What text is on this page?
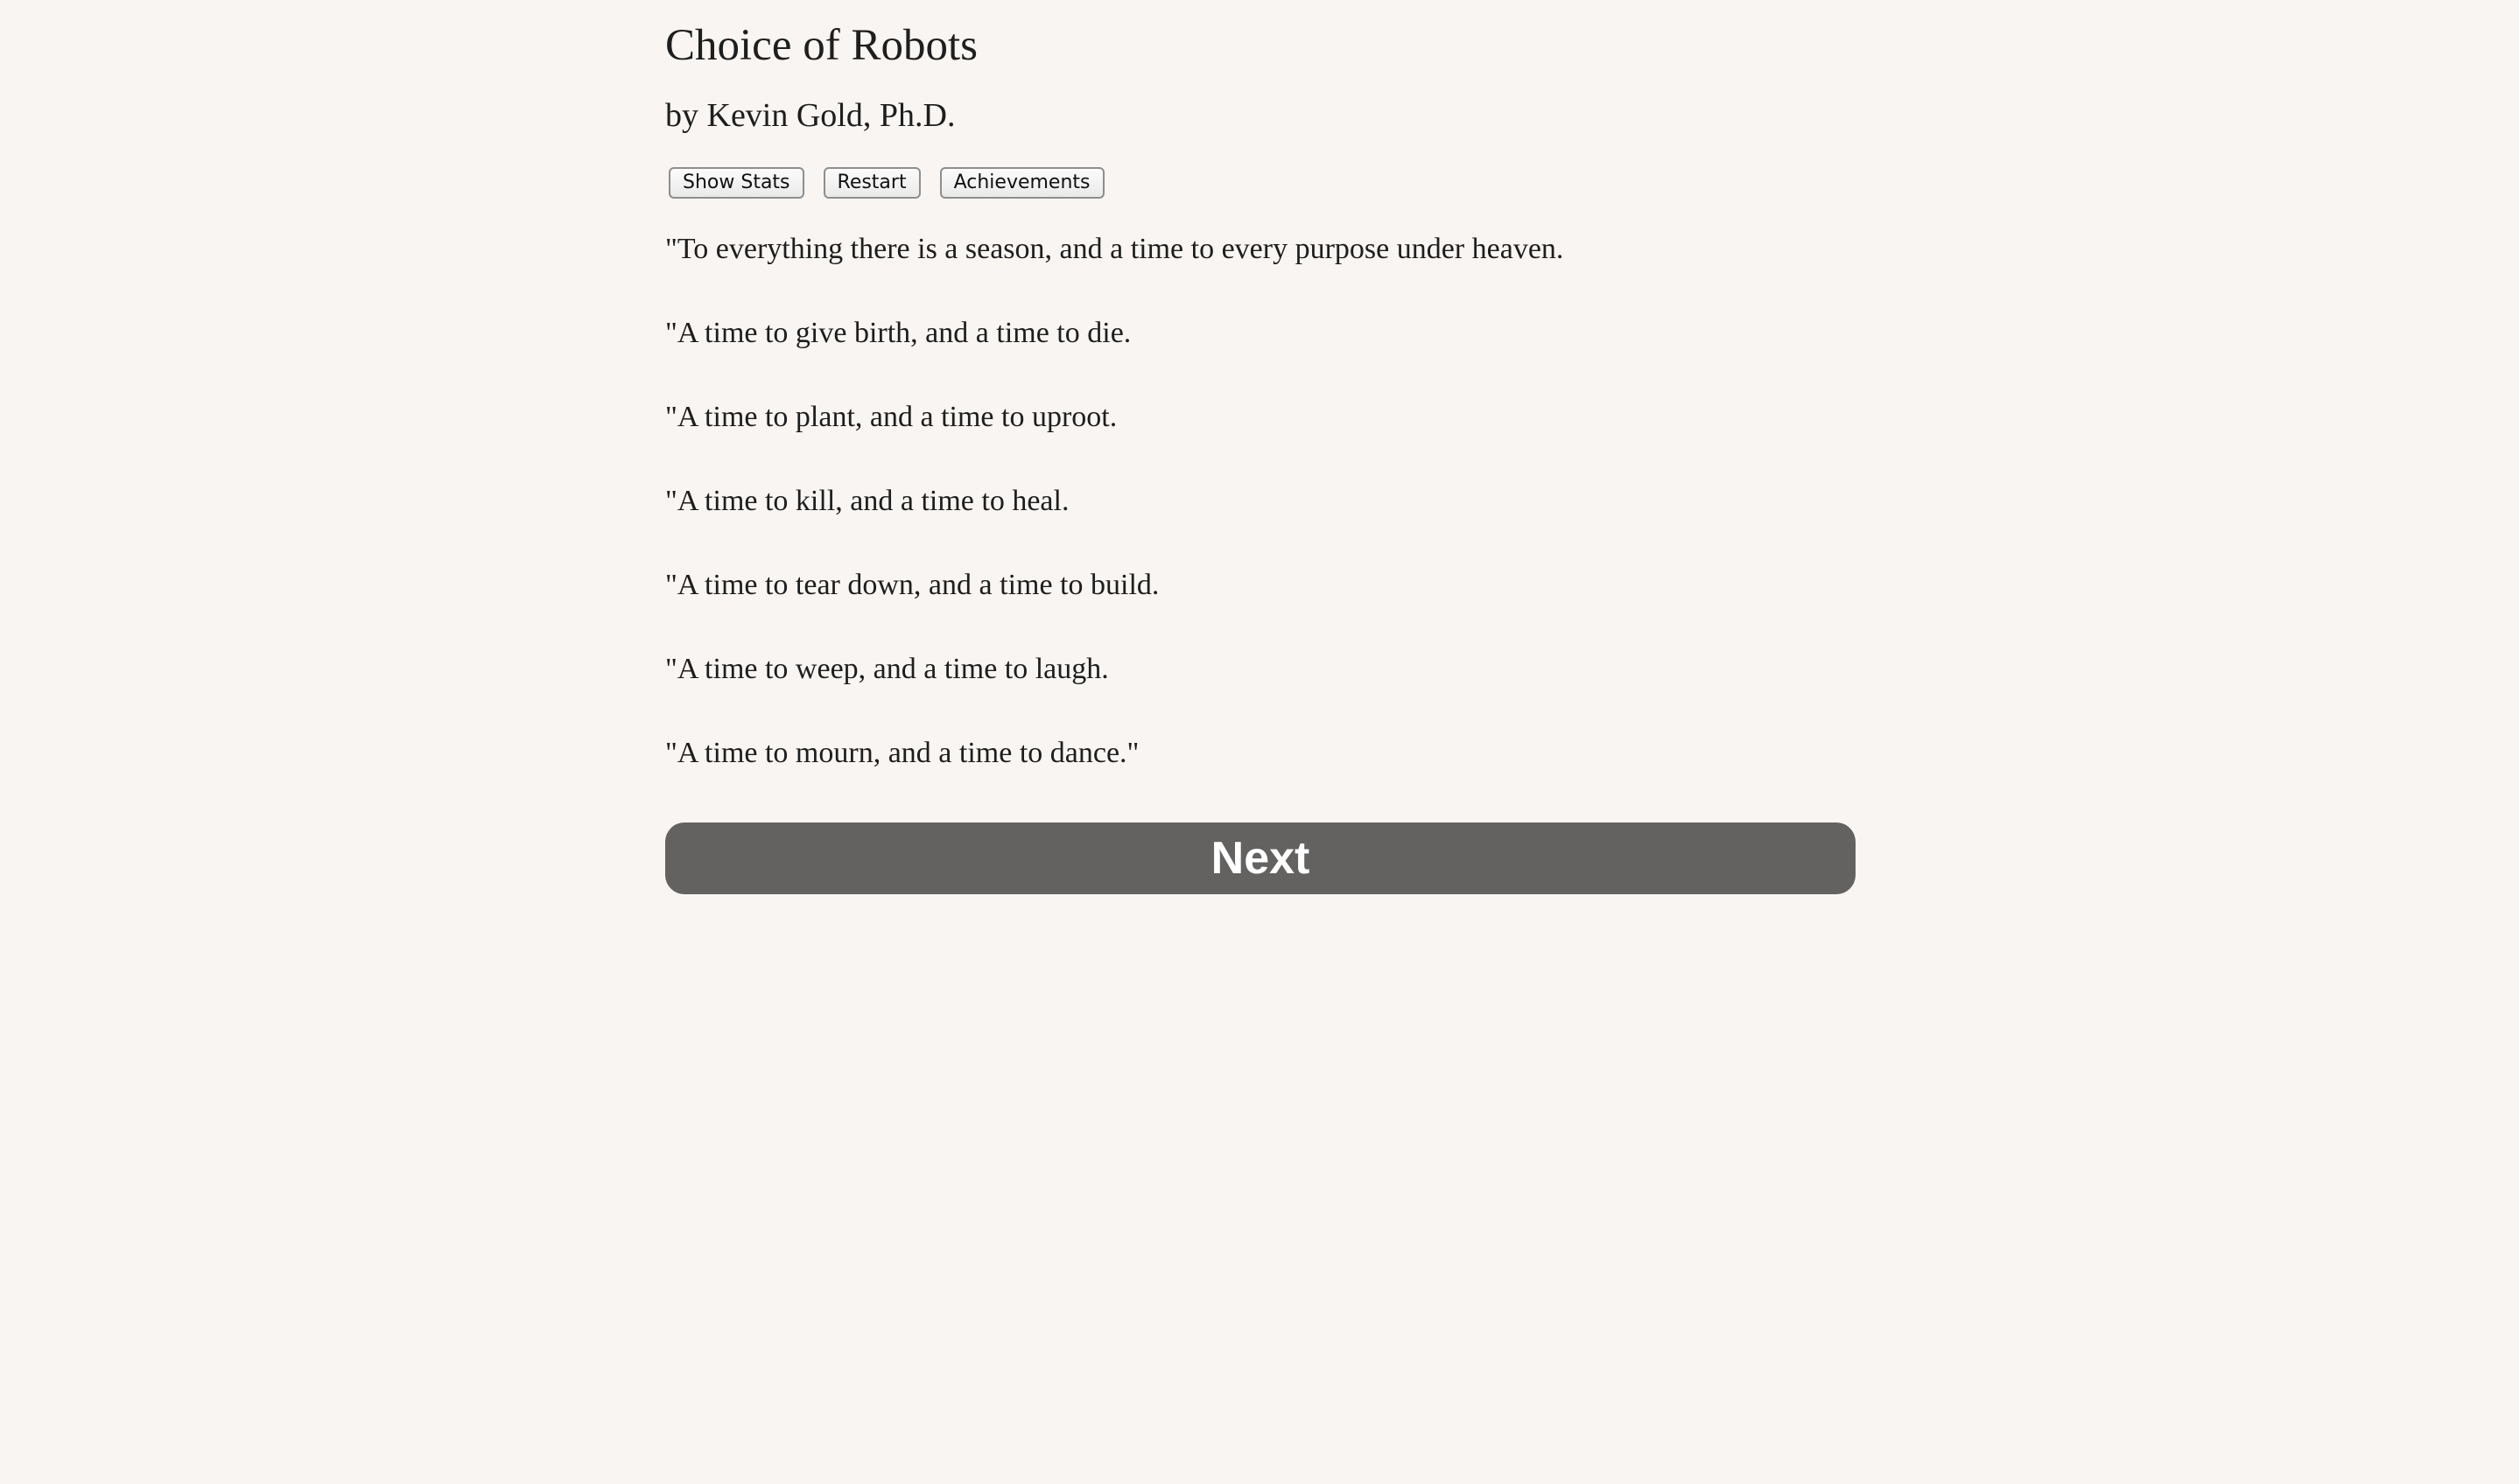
Choice of Robots
by Kevin Gold, Ph.D.
Show Stats	Restart	Achievements

"To everything there is a season, and a time to every purpose under heaven.

"A time to give birth, and a time to die.

"A time to plant, and a time to uproot.

"A time to kill, and a time to heal.

"A time to tear down, and a time to build.

"A time to weep, and a time to laugh.

"A time to mourn, and a time to dance."

Next
